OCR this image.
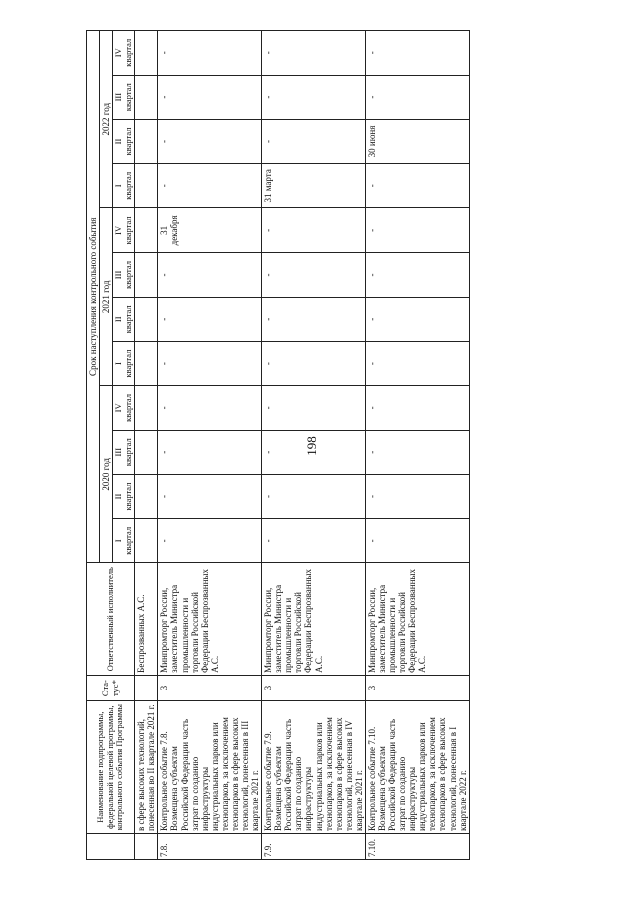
198
	Наименование подпрограммы, федеральной целевой программы, контрольного события Программы	Ста-
тус*	Ответственный исполнитель	Срок наступления контрольного события											
				2020 год				2021 год				2022 год			
				I
квартал	II
квартал	III
квартал	IV
квартал	I
квартал	II
квартал	III
квартал	IV
квартал	I
квартал	II
квартал	III
квартал	IV
квартал
	в сфере высоких технологий, понесенная во II квартале 2021 г.		Беспрозванных А.С.												
7.8.	Контрольное событие 7.8. Возмещена субъектам Российской Федерации часть затрат по созданию инфраструктуры индустриальных парков или технопарков, за исключением технопарков в сфере высоких технологий, понесенная в III квартале 2021 г.	3	Минпромторг России, заместитель Министра промышленности и торговли Российской Федерации Беспрозванных А.С.	-	-	-	-	-	-	-	31
декабря	-	-	-	-
7.9.	Контрольное событие 7.9. Возмещена субъектам Российской Федерации часть затрат по созданию инфраструктуры индустриальных парков или технопарков, за исключением технопарков в сфере высоких технологий, понесенная в IV квартале 2021 г.	3	Минпромторг России, заместитель Министра промышленности и торговли Российской Федерации Беспрозванных А.С.	-	-	-	-	-	-	-	-	31 марта	-	-	-
7.10.	Контрольное событие 7.10. Возмещена субъектам Российской Федерации часть затрат по созданию инфраструктуры индустриальных парков или технопарков, за исключением технопарков в сфере высоких технологий, понесенная в I квартале 2022 г.	3	Минпромторг России, заместитель Министра промышленности и торговли Российской Федерации Беспрозванных А.С.	-	-	-	-	-	-	-	-	-	30 июня	-	-
